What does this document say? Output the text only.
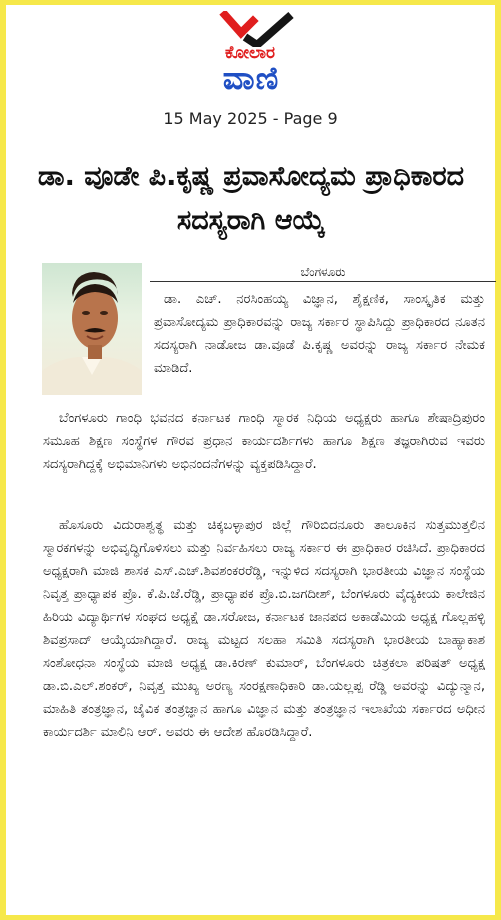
ಕೋಲಾರ
ವಾಣಿ
15 May 2025 - Page 9
ಡಾ. ವೂಡೇ ಪಿ.ಕೃಷ್ಣ ಪ್ರವಾಸೋದ್ಯಮ ಪ್ರಾಧಿಕಾರದ ಸದಸ್ಯರಾಗಿ ಆಯ್ಕೆ
ಬೆಂಗಳೂರು

ಡಾ. ಎಚ್. ನರಸಿಂಹಯ್ಯ ವಿಜ್ಞಾನ, ಶೈಕ್ಷಣಿಕ, ಸಾಂಸ್ಕೃತಿಕ ಮತ್ತು ಪ್ರವಾಸೋದ್ಯಮ ಪ್ರಾಧಿಕಾರವನ್ನು ರಾಜ್ಯ ಸರ್ಕಾರ ಸ್ಥಾಪಿಸಿದ್ದು ಪ್ರಾಧಿಕಾರದ ನೂತನ ಸದಸ್ಯರಾಗಿ ನಾಡೋಜ ಡಾ.ವೂಡೆ ಪಿ.ಕೃಷ್ಣ ಅವರನ್ನು ರಾಜ್ಯ ಸರ್ಕಾರ ನೇಮಕ ಮಾಡಿದೆ.

ಬೆಂಗಳೂರು ಗಾಂಧಿ ಭವನದ ಕರ್ನಾಟಕ ಗಾಂಧಿ ಸ್ಮಾರಕ ನಿಧಿಯ ಅಧ್ಯಕ್ಷರು ಹಾಗೂ ಶೇಷಾದ್ರಿಪುರಂ ಸಮೂಹ ಶಿಕ್ಷಣ ಸಂಸ್ಥೆಗಳ ಗೌರವ ಪ್ರಧಾನ ಕಾರ್ಯದರ್ಶಿಗಳು ಹಾಗೂ ಶಿಕ್ಷಣ ತಜ್ಞರಾಗಿರುವ ಇವರು ಸದಸ್ಯರಾಗಿದ್ದಕ್ಕೆ ಅಭಿಮಾನಿಗಳು ಅಭಿನಂದನೆಗಳನ್ನು ವ್ಯಕ್ತಪಡಿಸಿದ್ದಾರೆ.

ಹೊಸೂರು ವಿದುರಾಶ್ವತ್ಥ ಮತ್ತು ಚಿಕ್ಕಬಳ್ಳಾಪುರ ಜಿಲ್ಲೆ ಗೌರಿಬಿದನೂರು ತಾಲೂಕಿನ ಸುತ್ತಮುತ್ತಲಿನ ಸ್ಮಾರಕಗಳನ್ನು ಅಭಿವೃದ್ಧಿಗೊಳಿಸಲು ಮತ್ತು ನಿರ್ವಹಿಸಲು ರಾಜ್ಯ ಸರ್ಕಾರ ಈ ಪ್ರಾಧಿಕಾರ ರಚಿಸಿದೆ. ಪ್ರಾಧಿಕಾರದ ಅಧ್ಯಕ್ಷರಾಗಿ ಮಾಜಿ ಶಾಸಕ ಎಸ್.ಎಚ್.ಶಿವಶಂಕರರೆಡ್ಡಿ, ಇನ್ನುಳಿದ ಸದಸ್ಯರಾಗಿ ಭಾರತೀಯ ವಿಜ್ಞಾನ ಸಂಸ್ಥೆಯ ನಿವೃತ್ತ ಪ್ರಾಧ್ಯಾಪಕ ಪ್ರೊ. ಕೆ.ಪಿ.ಜೆ.ರೆಡ್ಡಿ, ಪ್ರಾಧ್ಯಾಪಕ ಪ್ರೊ.ಬಿ.ಜಗದೀಶ್, ಬೆಂಗಳೂರು ವೈದ್ಯಕೀಯ ಕಾಲೇಜಿನ ಹಿರಿಯ ವಿದ್ಯಾರ್ಥಿಗಳ ಸಂಘದ ಅಧ್ಯಕ್ಷೆ ಡಾ.ಸರೋಜ, ಕರ್ನಾಟಕ ಜಾನಪದ ಅಕಾಡೆಮಿಯ ಅಧ್ಯಕ್ಷ ಗೊಲ್ಲಹಳ್ಳಿ ಶಿವಪ್ರಸಾದ್ ಆಯ್ಕೆಯಾಗಿದ್ದಾರೆ. ರಾಜ್ಯ ಮಟ್ಟದ ಸಲಹಾ ಸಮಿತಿ ಸದಸ್ಯರಾಗಿ ಭಾರತೀಯ ಬಾಹ್ಯಾಕಾಶ ಸಂಶೋಧನಾ ಸಂಸ್ಥೆಯ ಮಾಜಿ ಅಧ್ಯಕ್ಷ ಡಾ.ಕಿರಣ್ ಕುಮಾರ್, ಬೆಂಗಳೂರು ಚಿತ್ರಕಲಾ ಪರಿಷತ್ ಅಧ್ಯಕ್ಷ ಡಾ.ಬಿ.ಎಲ್.ಶಂಕರ್, ನಿವೃತ್ತ ಮುಖ್ಯ ಅರಣ್ಯ ಸಂರಕ್ಷಣಾಧಿಕಾರಿ ಡಾ.ಯಲ್ಲಪ್ಪ ರೆಡ್ಡಿ ಅವರನ್ನು ವಿದ್ಯುನ್ಮಾನ, ಮಾಹಿತಿ ತಂತ್ರಜ್ಞಾನ, ಜೈವಿಕ ತಂತ್ರಜ್ಞಾನ ಹಾಗೂ ವಿಜ್ಞಾನ ಮತ್ತು ತಂತ್ರಜ್ಞಾನ ಇಲಾಖೆಯ ಸರ್ಕಾರದ ಅಧೀನ ಕಾರ್ಯದರ್ಶಿ ಮಾಲಿನಿ ಆರ್. ಅವರು ಈ ಆದೇಶ ಹೊರಡಿಸಿದ್ದಾರೆ.
